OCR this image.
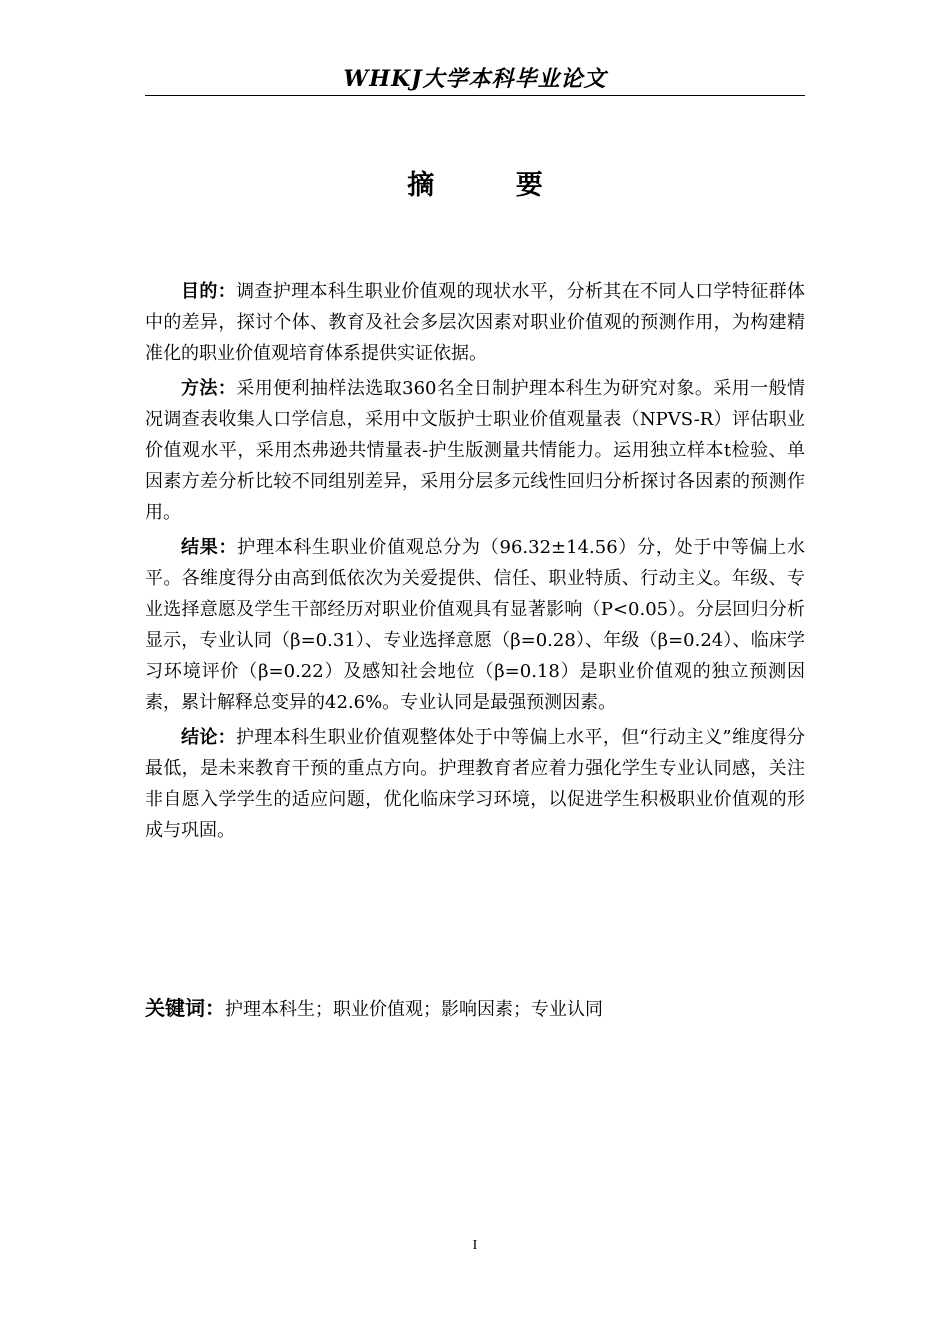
WHKJ大学本科毕业论文
摘 要

目的：调查护理本科生职业价值观的现状水平，分析其在不同人口学特征群体中的差异，探讨个体、教育及社会多层次因素对职业价值观的预测作用，为构建精准化的职业价值观培育体系提供实证依据。

方法：采用便利抽样法选取360名全日制护理本科生为研究对象。采用一般情况调查表收集人口学信息，采用中文版护士职业价值观量表（NPVS-R）评估职业价值观水平，采用杰弗逊共情量表-护生版测量共情能力。运用独立样本t检验、单因素方差分析比较不同组别差异，采用分层多元线性回归分析探讨各因素的预测作用。

结果：护理本科生职业价值观总分为（96.32±14.56）分，处于中等偏上水平。各维度得分由高到低依次为关爱提供、信任、职业特质、行动主义。年级、专业选择意愿及学生干部经历对职业价值观具有显著影响（P<0.05）。分层回归分析显示，专业认同（β=0.31）、专业选择意愿（β=0.28）、年级（β=0.24）、临床学习环境评价（β=0.22）及感知社会地位（β=0.18）是职业价值观的独立预测因素，累计解释总变异的42.6%。专业认同是最强预测因素。

结论：护理本科生职业价值观整体处于中等偏上水平，但“行动主义”维度得分最低，是未来教育干预的重点方向。护理教育者应着力强化学生专业认同感，关注非自愿入学学生的适应问题，优化临床学习环境，以促进学生积极职业价值观的形成与巩固。

关键词：护理本科生；职业价值观；影响因素；专业认同
I
